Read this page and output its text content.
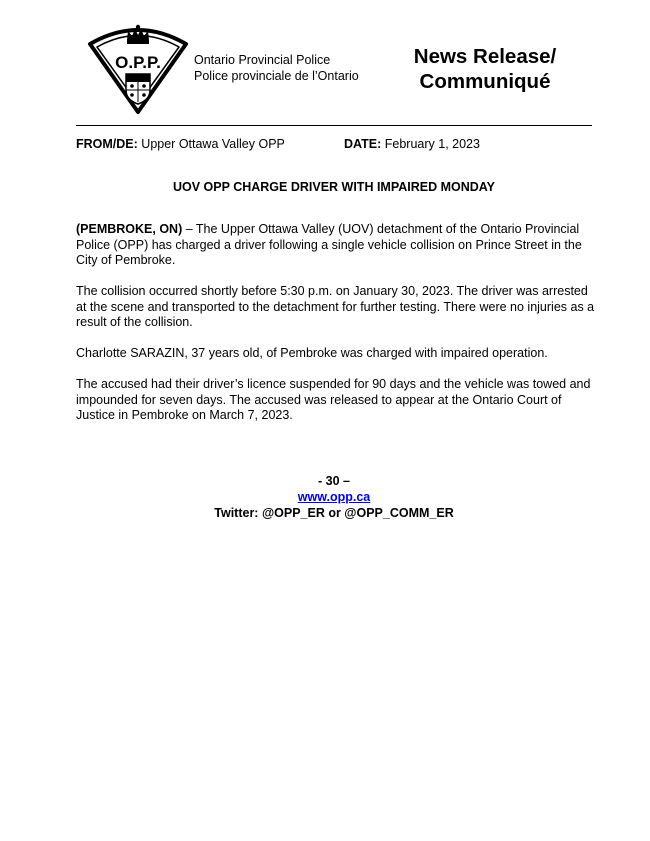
O.P.P.	Ontario Provincial Police
Police provinciale de l’Ontario
News Release/
Communiqué
FROM/DE: Upper Ottawa Valley OPP	DATE: February 1, 2023
UOV OPP CHARGE DRIVER WITH IMPAIRED MONDAY

(PEMBROKE, ON) – The Upper Ottawa Valley (UOV) detachment of the Ontario Provincial Police (OPP) has charged a driver following a single vehicle collision on Prince Street in the City of Pembroke.

The collision occurred shortly before 5:30 p.m. on January 30, 2023. The driver was arrested at the scene and transported to the detachment for further testing. There were no injuries as a result of the collision.

Charlotte SARAZIN, 37 years old, of Pembroke was charged with impaired operation.

The accused had their driver’s licence suspended for 90 days and the vehicle was towed and impounded for seven days. The accused was released to appear at the Ontario Court of Justice in Pembroke on March 7, 2023.

- 30 –
www.opp.ca
Twitter: @OPP_ER or @OPP_COMM_ER
